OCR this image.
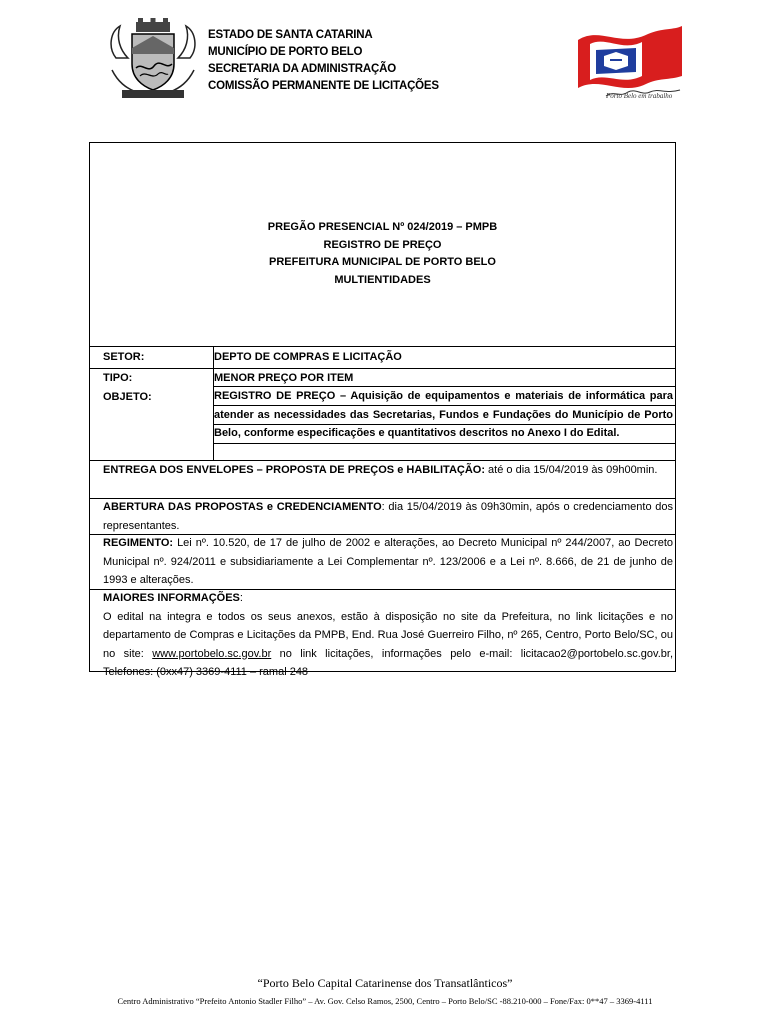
ESTADO DE SANTA CATARINA
MUNICÍPIO DE PORTO BELO
SECRETARIA DA ADMINISTRAÇÃO
COMISSÃO PERMANENTE DE LICITAÇÕES
Porto Belo em trabalho
PREGÃO PRESENCIAL Nº 024/2019 – PMPB
REGISTRO DE PREÇO
PREFEITURA MUNICIPAL DE PORTO BELO
MULTIENTIDADES
SETOR:	DEPTO DE COMPRAS E LICITAÇÃO
TIPO:	MENOR PREÇO POR ITEM
OBJETO:	REGISTRO DE PREÇO – Aquisição de equipamentos e materiais de informática para atender as necessidades das Secretarias, Fundos e Fundações do Município de Porto Belo, conforme especificações e quantitativos descritos no Anexo I do Edital.
ENTREGA DOS ENVELOPES – PROPOSTA DE PREÇOS e HABILITAÇÃO: até o dia 15/04/2019 às 09h00min.
ABERTURA DAS PROPOSTAS e CREDENCIAMENTO: dia 15/04/2019 às 09h30min, após o credenciamento dos representantes.
REGIMENTO: Lei nº. 10.520, de 17 de julho de 2002 e alterações, ao Decreto Municipal nº 244/2007, ao Decreto Municipal nº. 924/2011 e subsidiariamente a Lei Complementar nº. 123/2006 e a Lei nº. 8.666, de 21 de junho de 1993 e alterações.
MAIORES INFORMAÇÕES:
O edital na integra e todos os seus anexos, estão à disposição no site da Prefeitura, no link licitações e no departamento de Compras e Licitações da PMPB, End. Rua José Guerreiro Filho, nº 265, Centro, Porto Belo/SC, ou no site: www.portobelo.sc.gov.br no link licitações, informações pelo e-mail: licitacao2@portobelo.sc.gov.br, Telefones: (0xx47) 3369-4111 – ramal 248
“Porto Belo Capital Catarinense dos Transatlânticos”
Centro Administrativo “Prefeito Antonio Stadler Filho” – Av. Gov. Celso Ramos, 2500, Centro – Porto Belo/SC -88.210-000 – Fone/Fax: 0**47 – 3369-4111
